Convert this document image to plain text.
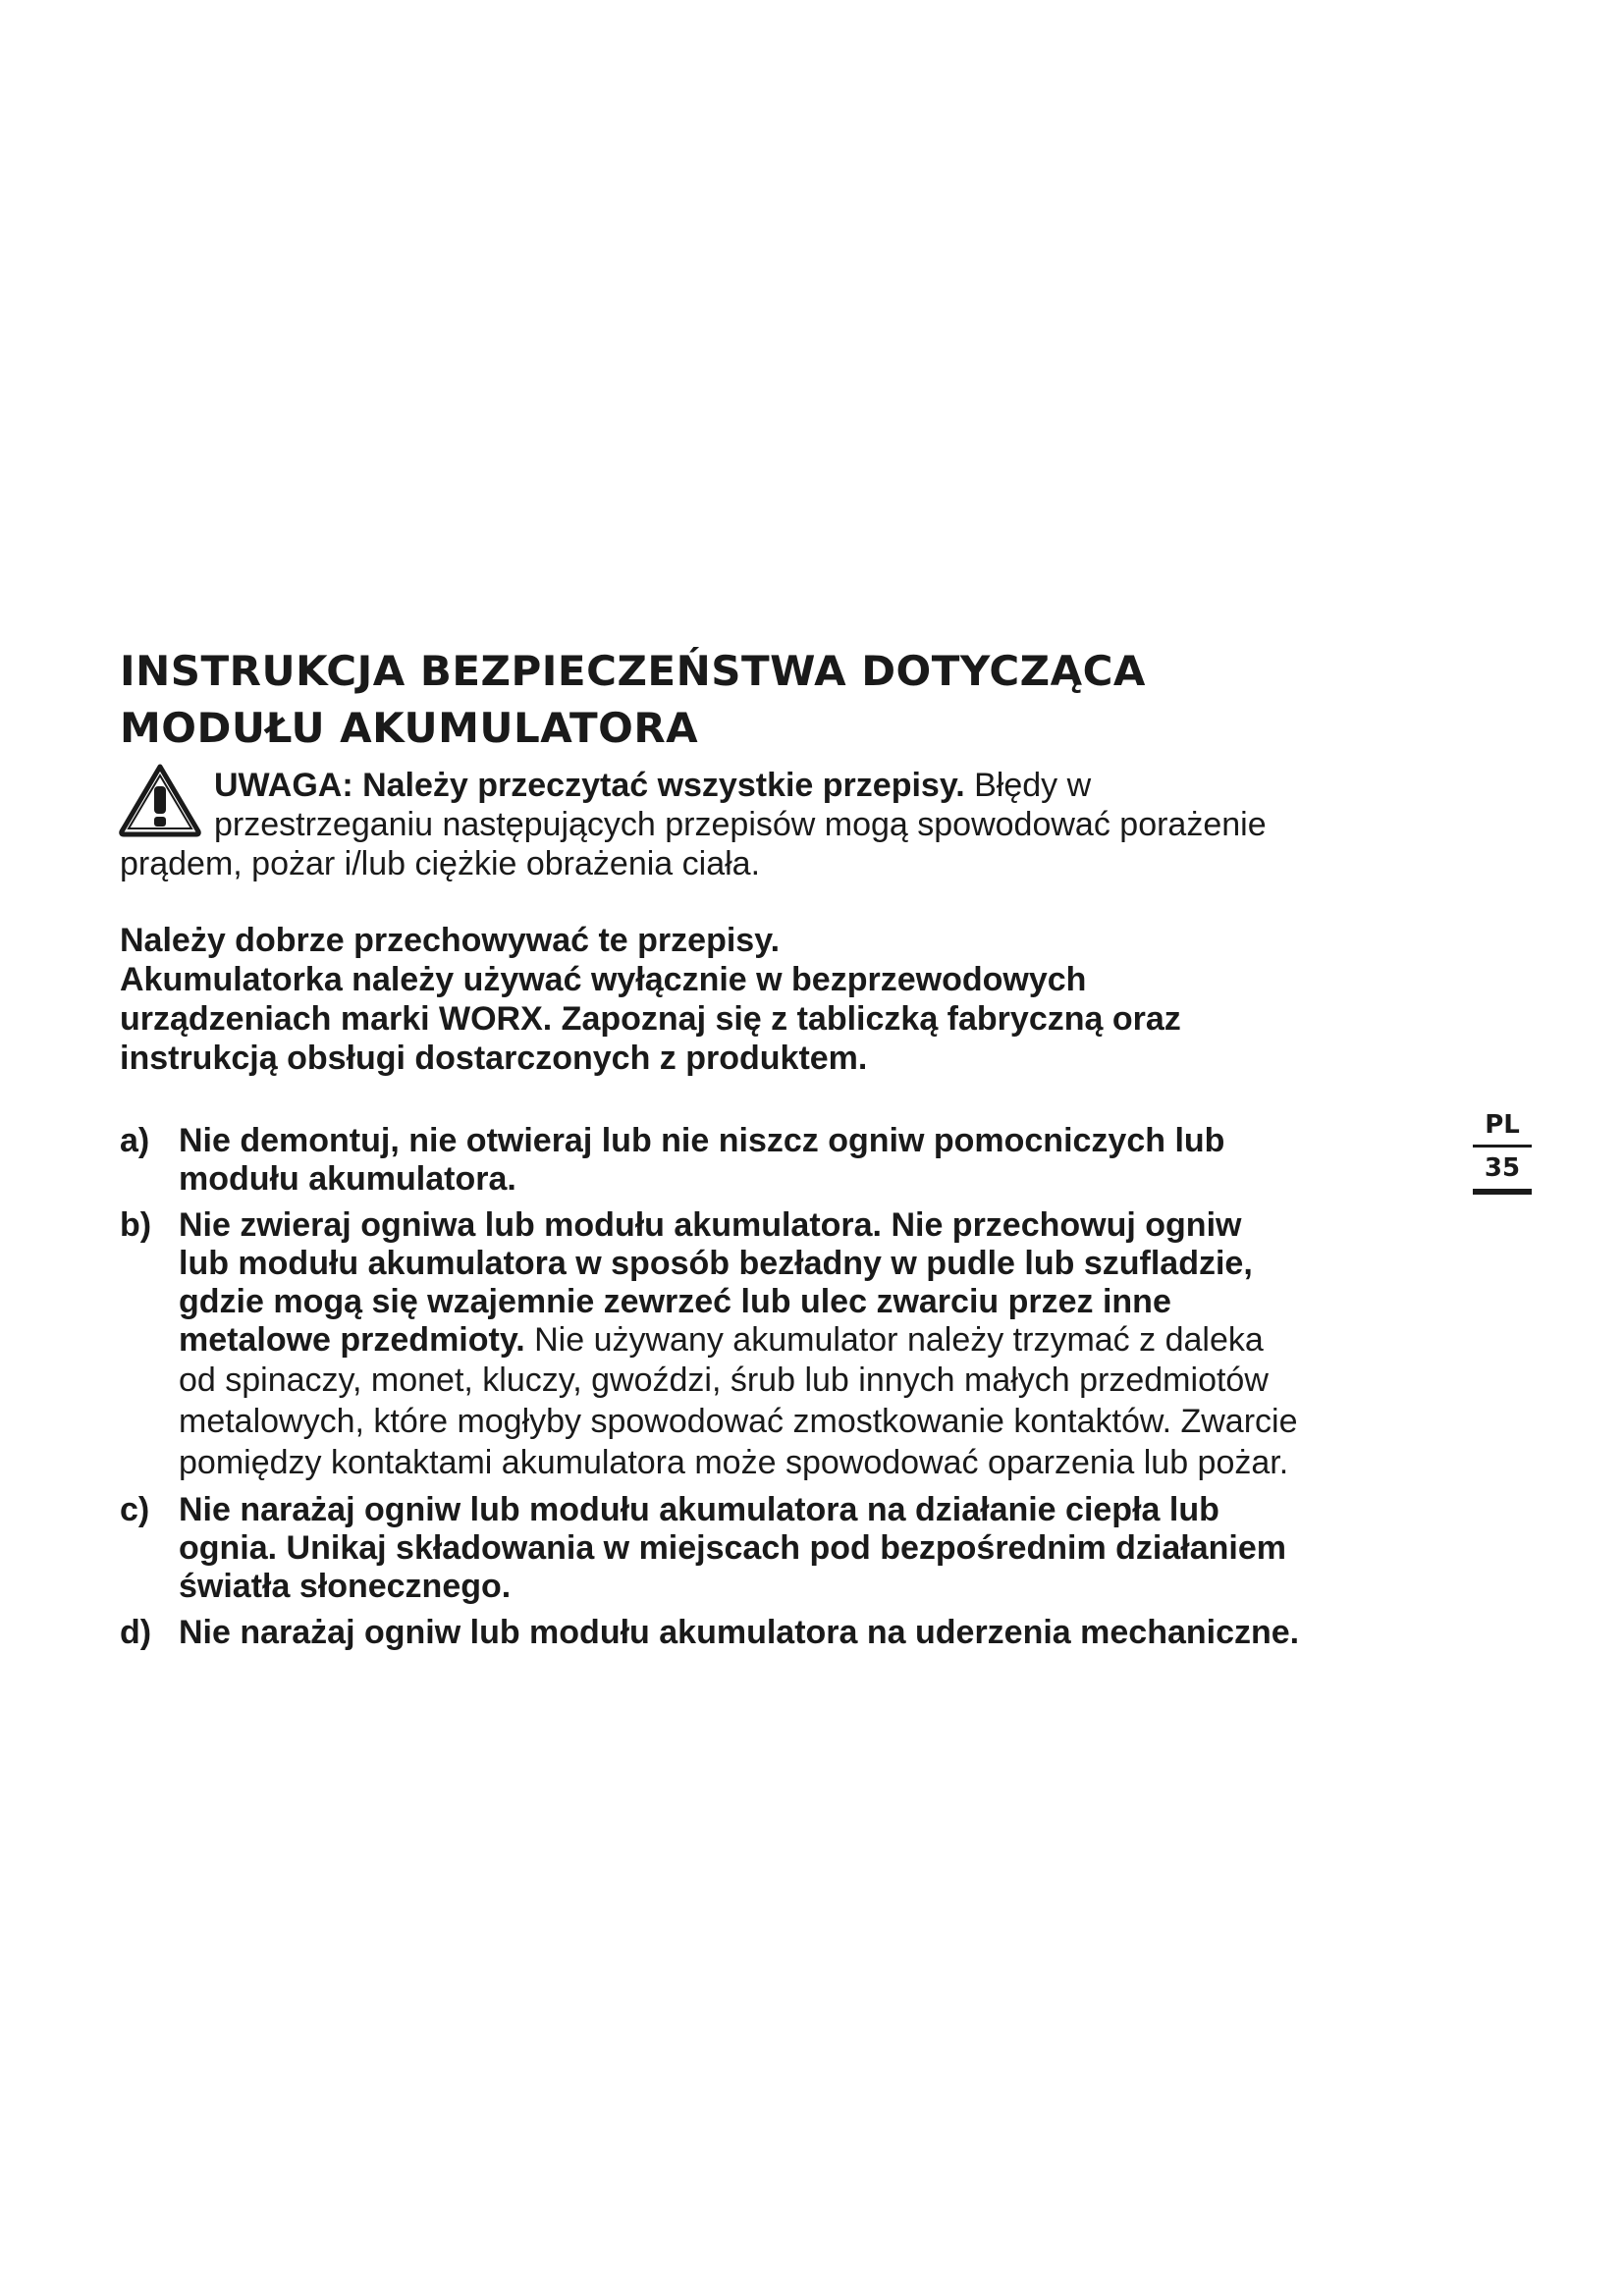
INSTRUKCJA BEZPIECZEŃSTWA DOTYCZĄCA
MODUŁU AKUMULATORA
UWAGA: Należy przeczytać wszystkie przepisy. Błędy w
przestrzeganiu następujących przepisów mogą spowodować porażenie
prądem, pożar i/lub ciężkie obrażenia ciała.
Należy dobrze przechowywać te przepisy.
Akumulatorka należy używać wyłącznie w bezprzewodowych
urządzeniach marki WORX. Zapoznaj się z tabliczką fabryczną oraz
instrukcją obsługi dostarczonych z produktem.
a) Nie demontuj, nie otwieraj lub nie niszcz ogniw pomocniczych lub
modułu akumulatora.
b) Nie zwieraj ogniwa lub modułu akumulatora. Nie przechowuj ogniw
lub modułu akumulatora w sposób bezładny w pudle lub szufladzie,
gdzie mogą się wzajemnie zewrzeć lub ulec zwarciu przez inne
metalowe przedmioty. Nie używany akumulator należy trzymać z daleka
od spinaczy, monet, kluczy, gwoździ, śrub lub innych małych przedmiotów
metalowych, które mogłyby spowodować zmostkowanie kontaktów. Zwarcie
pomiędzy kontaktami akumulatora może spowodować oparzenia lub pożar.
c) Nie narażaj ogniw lub modułu akumulatora na działanie ciepła lub
ognia. Unikaj składowania w miejscach pod bezpośrednim działaniem
światła słonecznego.
d) Nie narażaj ogniw lub modułu akumulatora na uderzenia mechaniczne.
PL
35
